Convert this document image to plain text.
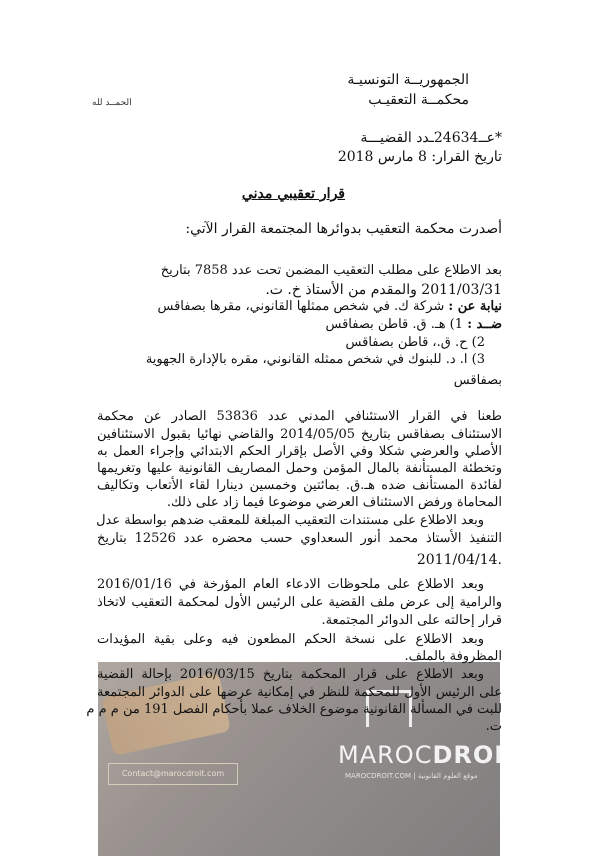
الجمهوريــة التونسيـة
محكمــة التعقيـب
الحمــد لله
*عــ24634ـدد القضيـــة
تاريخ القرار: 8 مارس 2018
قرار تعقيبي مدني
أصدرت محكمة التعقيب بدوائرها المجتمعة القرار الآتي:
بعد الاطلاع على مطلب التعقيب المضمن تحت عدد 7858 بتاريخ
2011/03/31 والمقدم من الأستاذ خ. ت.
نيابة عن : شركة ك. في شخص ممثلها القانوني، مقرها بصفاقس
ضــد : 1) هـ. ق. قاطن بصفاقس
2) ح. ق.، قاطن بصفاقس
3) ا. د. للبنوك في شخص ممثله القانوني، مقره بالإدارة الجهوية
بصفاقس
MAROCDROIT
موقع العلوم القانونية | MAROCDROIT.COM
Contact@marocdroit.com
طعنا في القرار الاستئنافي المدني عدد 53836 الصادر عن محكمة
الاستئناف بصفاقس بتاريخ 2014/05/05 والقاضي نهائيا بقبول الاستئنافين
الأصلي والعرضي شكلا وفي الأصل بإقرار الحكم الابتدائي وإجراء العمل به
وتخطئة المستأنفة بالمال المؤمن وحمل المصاريف القانونية عليها وتغريمها
لفائدة المستأنف ضده هـ.ق. بمائتين وخمسين دينارا لقاء الأتعاب وتكاليف
المحاماة ورفض الاستئناف العرضي موضوعا فيما زاد على ذلك.
وبعد الاطلاع على مستندات التعقيب المبلغة للمعقب ضدهم بواسطة عدل
التنفيذ الأستاذ محمد أنور السعداوي حسب محضره عدد 12526 بتاريخ
2011/04/14.
وبعد الاطلاع على ملحوظات الادعاء العام المؤرخة في 2016/01/16
والرامية إلى عرض ملف القضية على الرئيس الأول لمحكمة التعقيب لاتخاذ
قرار إحالته على الدوائر المجتمعة.
وبعد الاطلاع على نسخة الحكم المطعون فيه وعلى بقية المؤيدات
المظروفة بالملف.
وبعد الاطلاع على قرار المحكمة بتاريخ 2016/03/15 بإحالة القضية
على الرئيس الأول للمحكمة للنظر في إمكانية عرضها على الدوائر المجتمعة
للبت في المسألة القانونية موضوع الخلاف عملا بأحكام الفصل 191 من م م م
ت.
